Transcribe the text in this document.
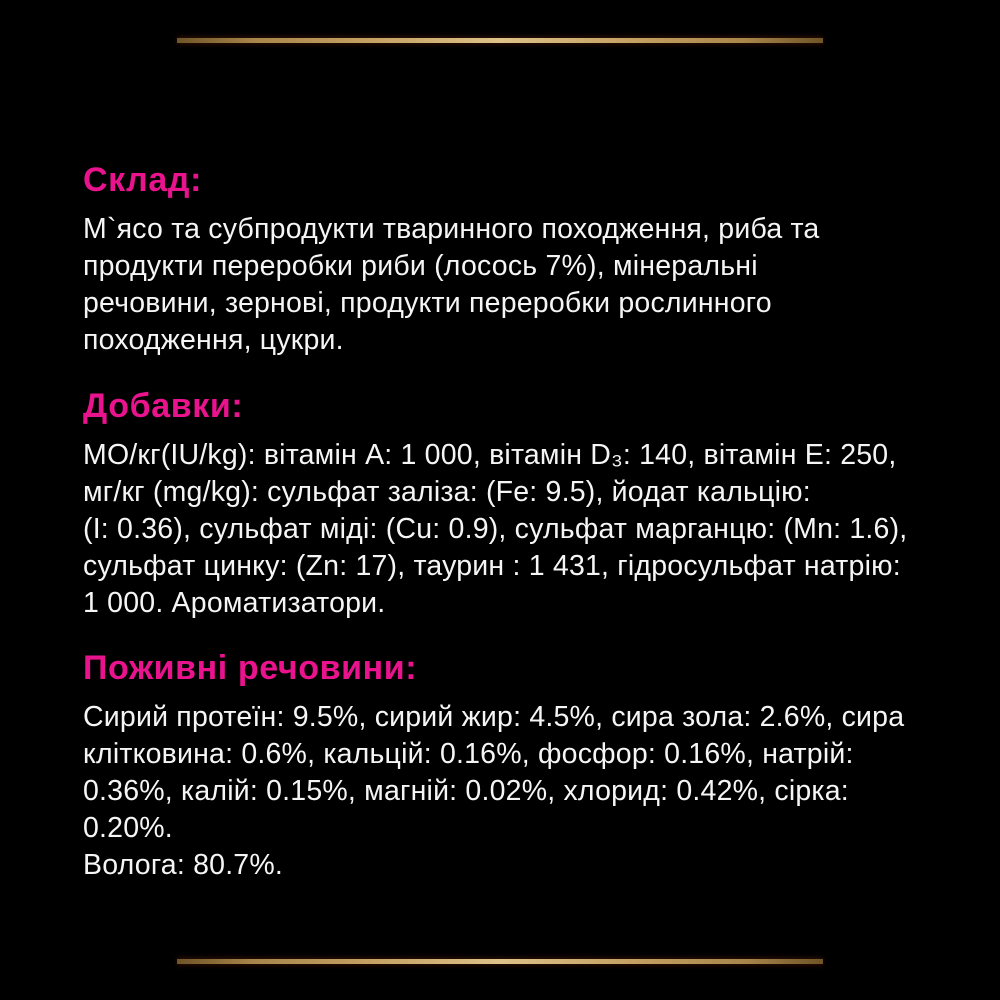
Склад:

М`ясо та субпродукти тваринного походження, риба та
продукти переробки риби (лосось 7%), мінеральні
речовини, зернові, продукти переробки рослинного
походження, цукри.

Добавки:

МО/кг(IU/kg): вітамін A: 1 000, вітамін D₃: 140, вітамін E: 250,
мг/кг (mg/kg): сульфат заліза: (Fe: 9.5), йодат кальцію:
(I: 0.36), сульфат міді: (Cu: 0.9), сульфат марганцю: (Mn: 1.6),
сульфат цинку: (Zn: 17), таурин : 1 431, гідросульфат натрію:
1 000. Ароматизатори.

Поживні речовини:

Сирий протеїн: 9.5%, сирий жир: 4.5%, сира зола: 2.6%, сира
клітковина: 0.6%, кальцій: 0.16%, фосфор: 0.16%, натрій:
0.36%, калій: 0.15%, магній: 0.02%, хлорид: 0.42%, сірка: 0.20%.
Волога: 80.7%.
